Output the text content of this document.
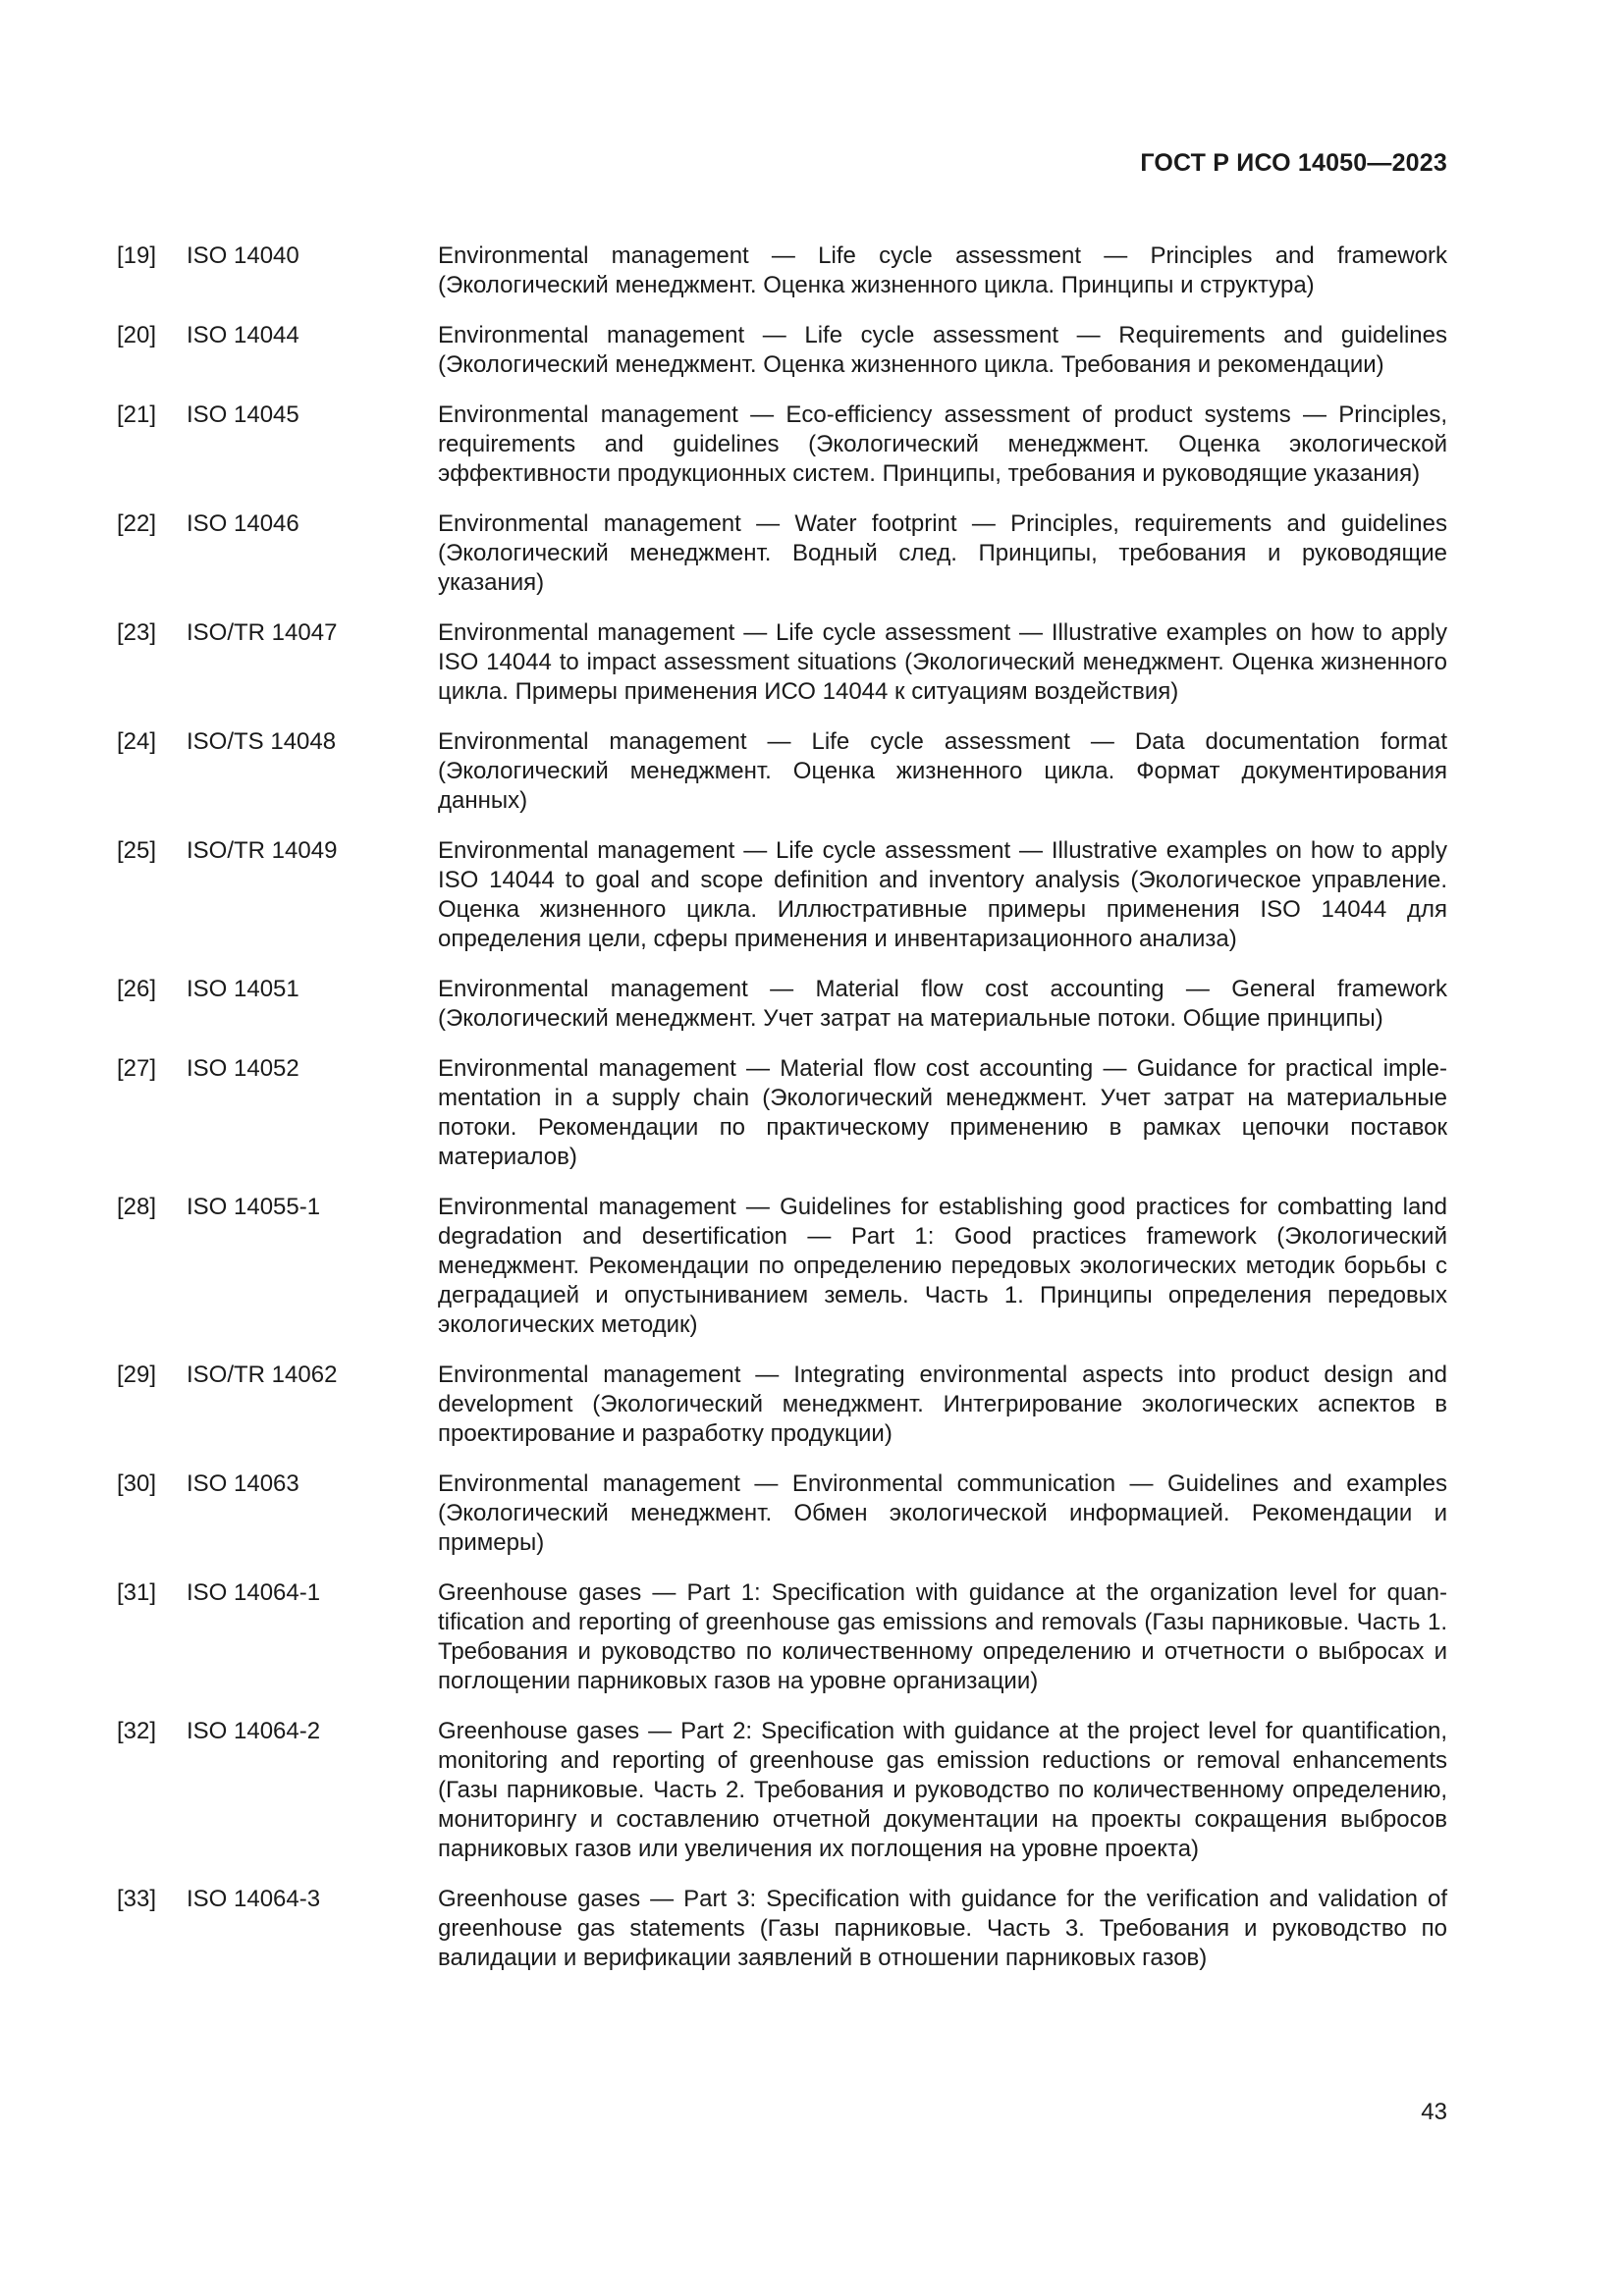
ГОСТ Р ИСО 14050—2023
[19]	ISO 14040	Environmental management — Life cycle assessment — Principles and framework (Экологический менеджмент. Оценка жизненного цикла. Принципы и структура)
[20]	ISO 14044	Environmental management — Life cycle assessment — Requirements and guidelines (Экологический менеджмент. Оценка жизненного цикла. Требования и рекомендации)
[21]	ISO 14045	Environmental management — Eco-efficiency assessment of product systems — Principles, requirements and guidelines (Экологический менеджмент. Оценка экологической эффективности продукционных систем. Принципы, требования и руководящие указания)
[22]	ISO 14046	Environmental management — Water footprint — Principles, requirements and guidelines (Экологический менеджмент. Водный след. Принципы, требования и руководящие указания)
[23]	ISO/TR 14047	Environmental management — Life cycle assessment — Illustrative examples on how to apply ISO 14044 to impact assessment situations (Экологический менеджмент. Оценка жизненного цикла. Примеры применения ИСО 14044 к ситуациям воздействия)
[24]	ISO/TS 14048	Environmental management — Life cycle assessment — Data documentation format (Экологический менеджмент. Оценка жизненного цикла. Формат документирования данных)
[25]	ISO/TR 14049	Environmental management — Life cycle assessment — Illustrative examples on how to apply ISO 14044 to goal and scope definition and inventory analysis (Экологическое управление. Оценка жизненного цикла. Иллюстративные примеры применения ISO 14044 для определения цели, сферы применения и инвентаризационного анализа)
[26]	ISO 14051	Environmental management — Material flow cost accounting — General framework (Экологический менеджмент. Учет затрат на материальные потоки. Общие принципы)
[27]	ISO 14052	Environmental management — Material flow cost accounting — Guidance for practical implementation in a supply chain (Экологический менеджмент. Учет затрат на материальные потоки. Рекомендации по практическому применению в рамках цепочки поставок материалов)
[28]	ISO 14055-1	Environmental management — Guidelines for establishing good practices for combatting land degradation and desertification — Part 1: Good practices framework (Экологический менеджмент. Рекомендации по определению передовых экологических методик борьбы с деградацией и опустыниванием земель. Часть 1. Принципы определения передовых экологических методик)
[29]	ISO/TR 14062	Environmental management — Integrating environmental aspects into product design and development (Экологический менеджмент. Интегрирование экологических аспектов в проектирование и разработку продукции)
[30]	ISO 14063	Environmental management — Environmental communication — Guidelines and examples (Экологический менеджмент. Обмен экологической информацией. Рекомендации и примеры)
[31]	ISO 14064-1	Greenhouse gases — Part 1: Specification with guidance at the organization level for quantification and reporting of greenhouse gas emissions and removals (Газы парниковые. Часть 1. Требования и руководство по количественному определению и отчетности о выбросах и поглощении парниковых газов на уровне организации)
[32]	ISO 14064-2	Greenhouse gases — Part 2: Specification with guidance at the project level for quantification, monitoring and reporting of greenhouse gas emission reductions or removal enhancements (Газы парниковые. Часть 2. Требования и руководство по количественному определению, мониторингу и составлению отчетной документации на проекты сокращения выбросов парниковых газов или увеличения их поглощения на уровне проекта)
[33]	ISO 14064-3	Greenhouse gases — Part 3: Specification with guidance for the verification and validation of greenhouse gas statements (Газы парниковые. Часть 3. Требования и руководство по валидации и верификации заявлений в отношении парниковых газов)
43
